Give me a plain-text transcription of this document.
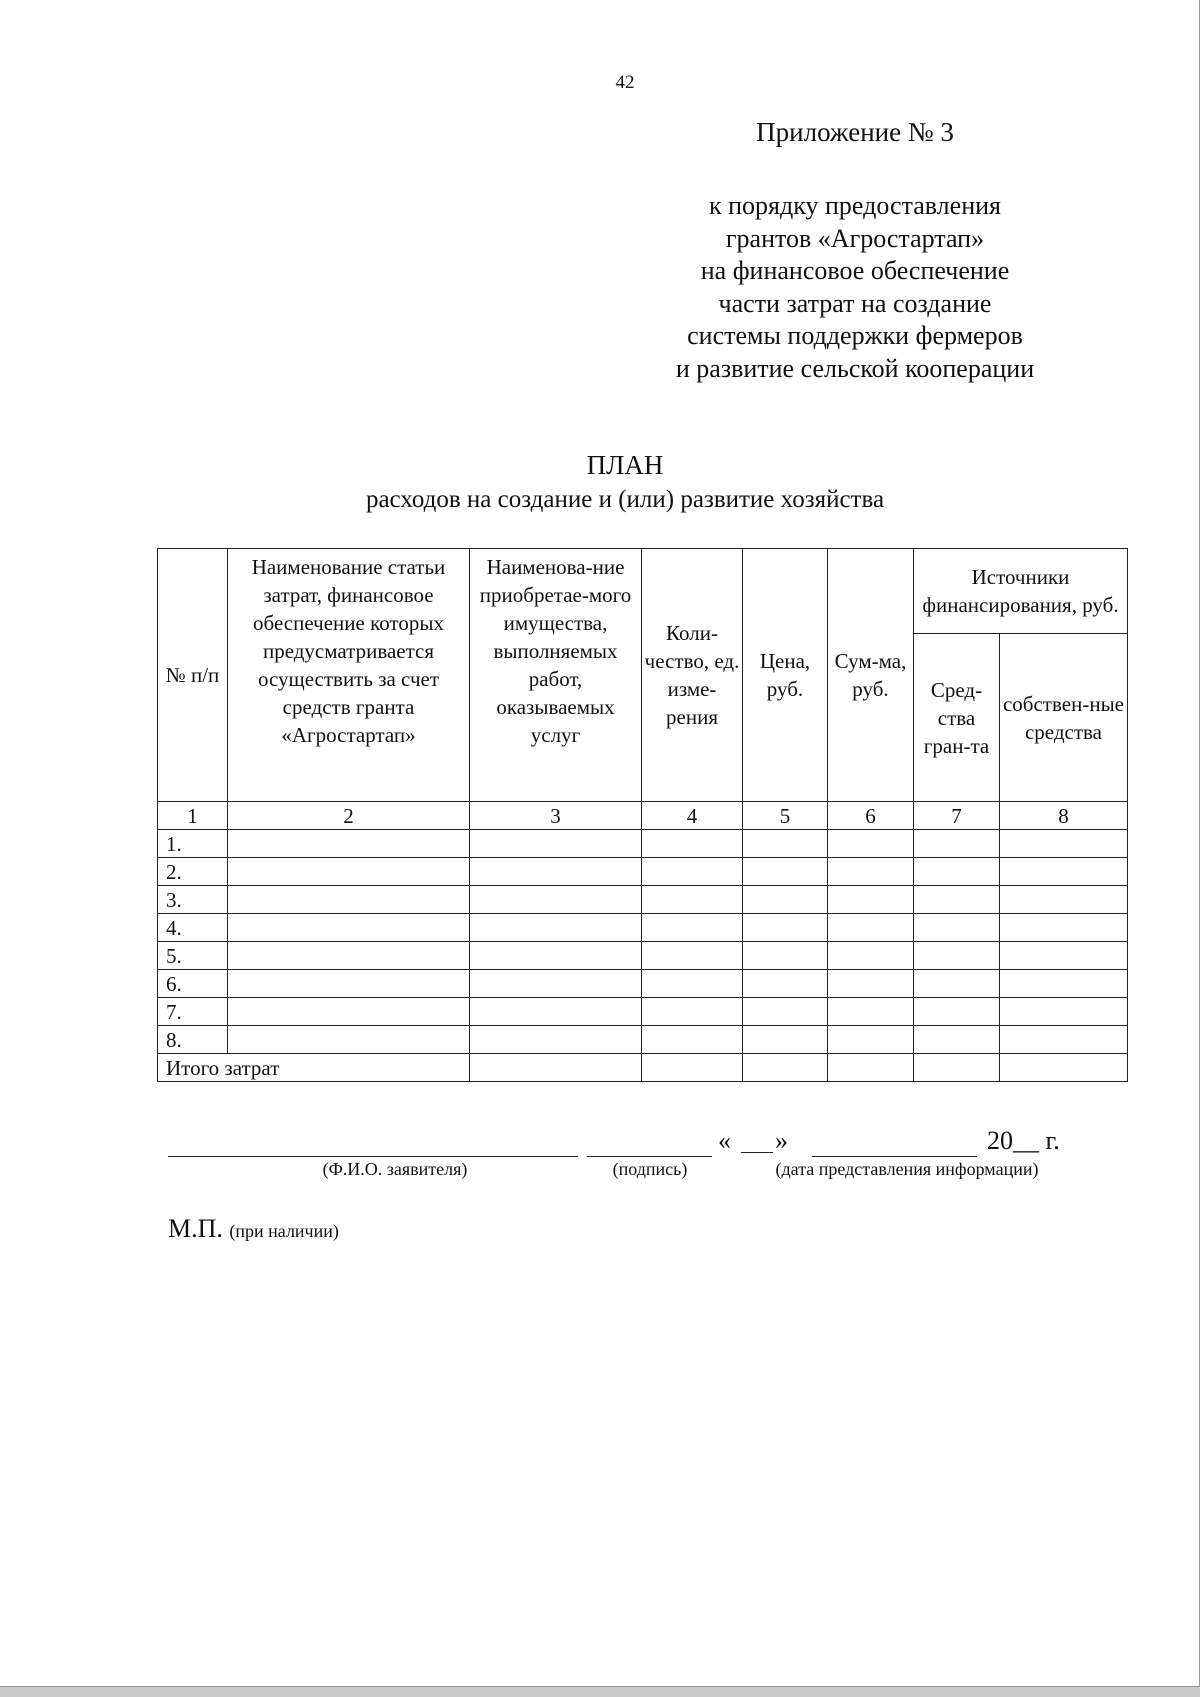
42
Приложение № 3
к порядку предоставления
грантов «Агростартап»
на финансовое обеспечение
части затрат на создание
системы поддержки фермеров
и развитие сельской кооперации
ПЛАН
расходов на создание и (или) развитие хозяйства
№ п/п	Наименование статьи затрат, финансовое обеспечение которых предусматривается осуществить за счет средств гранта «Агростартап»	Наименова-ние приобретае-мого имущества, выполняемых работ, оказываемых услуг	Коли-чество, ед. изме-рения	Цена, руб.	Сум-ма, руб.	Источники финансирования, руб.	
						Сред-ства гран-та	собствен-ные средства
1	2	3	4	5	6	7	8
1.							
2.							
3.							
4.							
5.							
6.							
7.							
8.							
Итого затрат							
« »	20__ г.
(Ф.И.О. заявителя)	(подпись)	(дата представления информации)
М.П. (при наличии)
